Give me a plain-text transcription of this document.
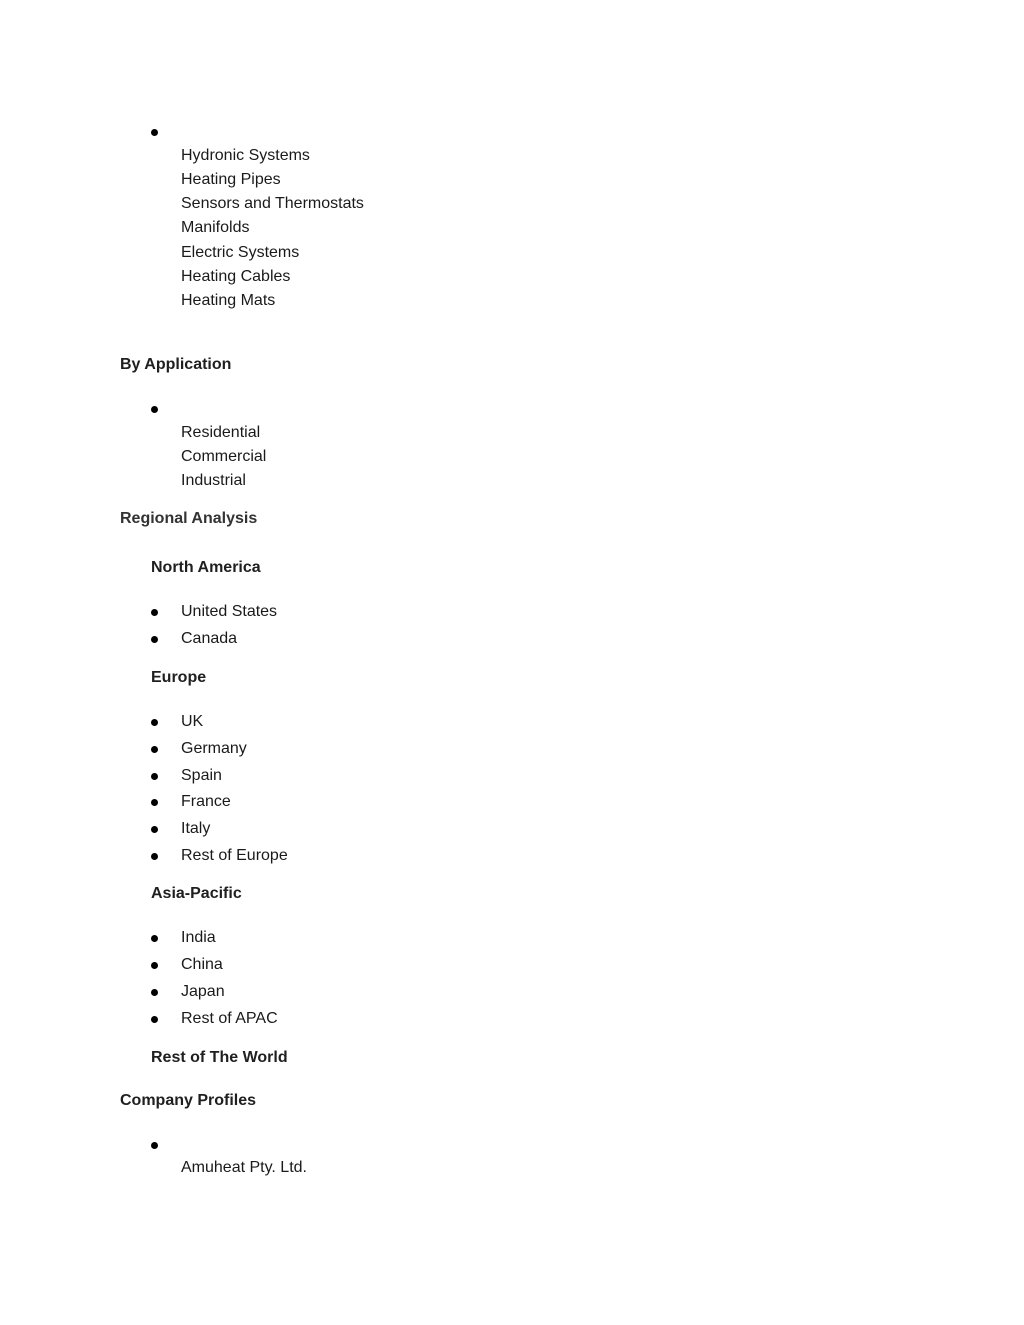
Hydronic Systems
Heating Pipes
Sensors and Thermostats
Manifolds
Electric Systems
Heating Cables
Heating Mats
By Application
Residential
Commercial
Industrial
Regional Analysis
North America
United States
Canada
Europe
UK
Germany
Spain
France
Italy
Rest of Europe
Asia-Pacific
India
China
Japan
Rest of APAC
Rest of The World
Company Profiles
Amuheat Pty. Ltd.
